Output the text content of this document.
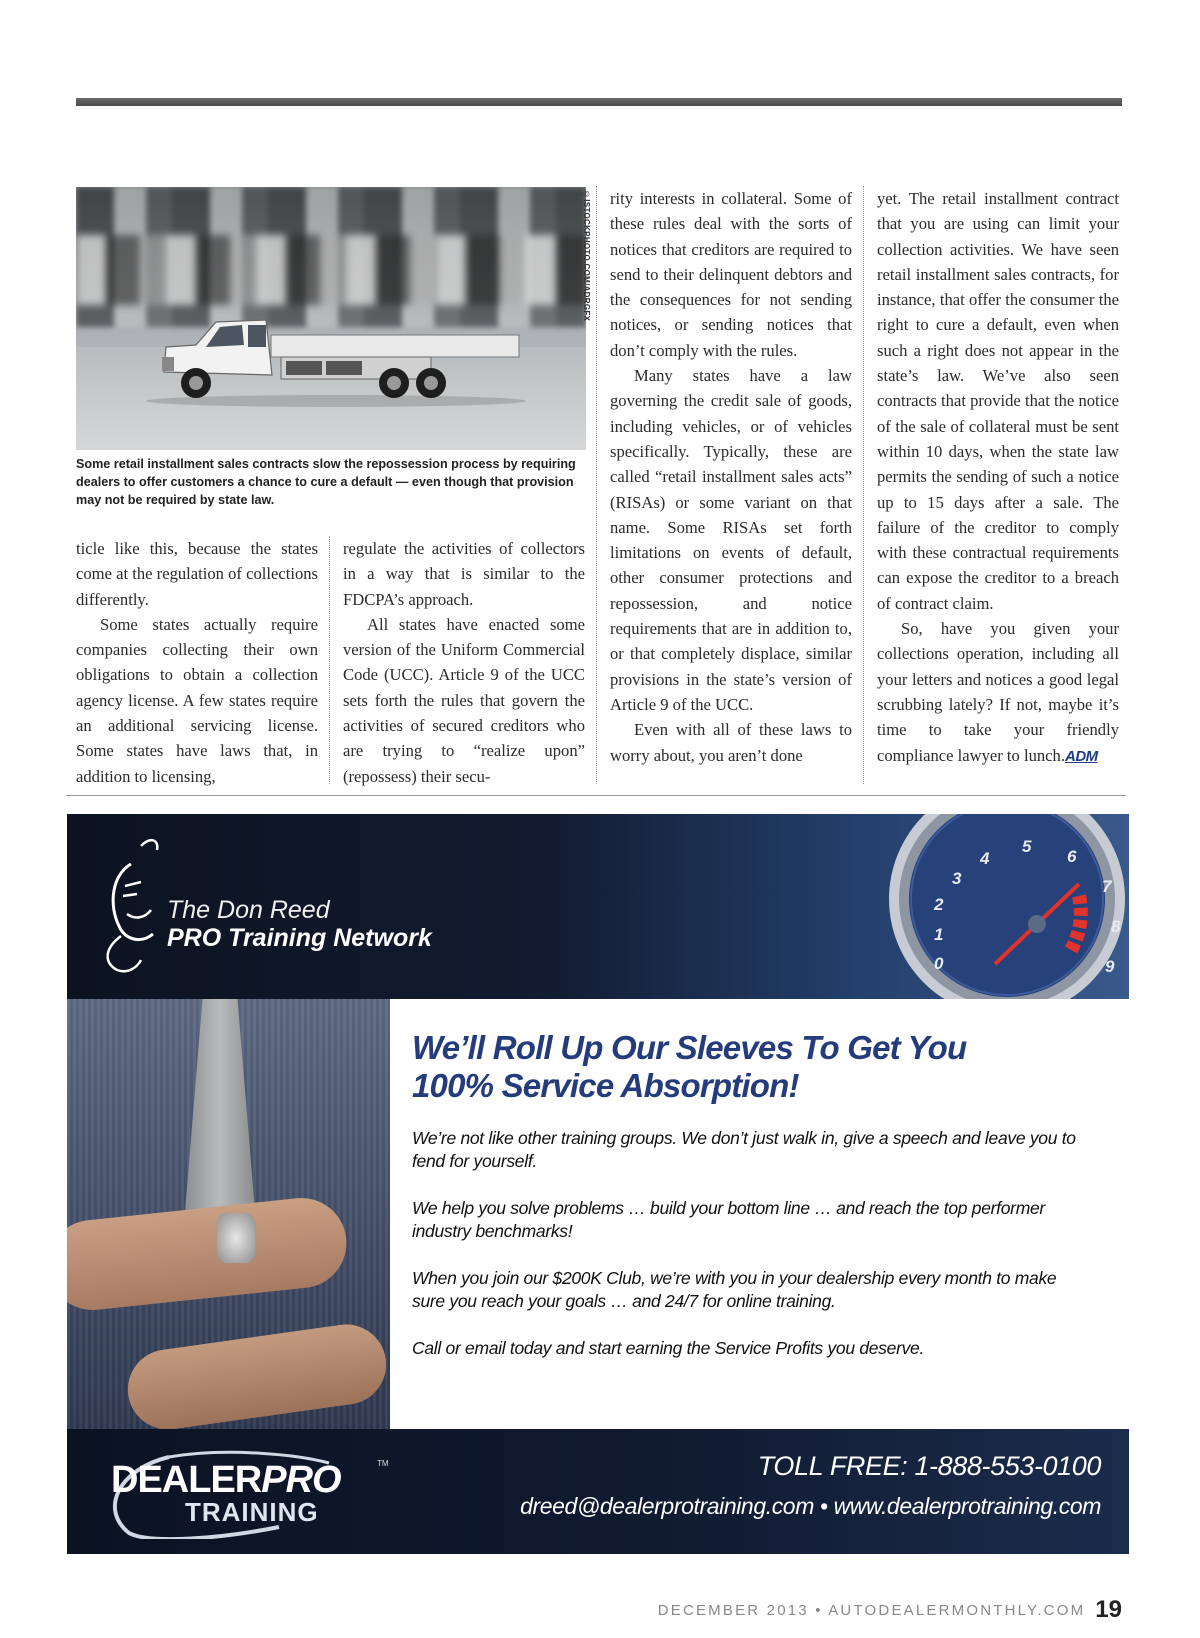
©ISTOCKPHOTO.COM/ADRGFX
Some retail installment sales contracts slow the repossession process by requiring dealers to offer customers a chance to cure a default — even though that provision may not be required by state law.

ticle like this, because the states come at the regulation of collections differently.

Some states actually require companies collecting their own obligations to obtain a collection agency license. A few states require an additional servicing license. Some states have laws that, in addition to licensing,

regulate the activities of collectors in a way that is similar to the FDCPA’s approach.

All states have enacted some version of the Uniform Commercial Code (UCC). Article 9 of the UCC sets forth the rules that govern the activities of secured creditors who are trying to “realize upon” (repossess) their secu-

rity interests in collateral. Some of these rules deal with the sorts of notices that creditors are required to send to their delinquent debtors and the consequences for not sending notices, or sending notices that don’t comply with the rules.

Many states have a law governing the credit sale of goods, including vehicles, or of vehicles specifically. Typically, these are called “retail installment sales acts” (RISAs) or some variant on that name. Some RISAs set forth limitations on events of default, other consumer protections and repossession, and notice requirements that are in addition to, or that completely displace, similar provisions in the state’s version of Article 9 of the UCC.

Even with all of these laws to worry about, you aren’t done

yet. The retail installment contract that you are using can limit your collection activities. We have seen retail installment sales contracts, for instance, that offer the consumer the right to cure a default, even when such a right does not appear in the state’s law. We’ve also seen contracts that provide that the notice of the sale of collateral must be sent within 10 days, when the state law permits the sending of such a notice up to 15 days after a sale. The failure of the creditor to comply with these contractual requirements can expose the creditor to a breach of contract claim.

So, have you given your collections operation, including all your letters and notices a good legal scrubbing lately? If not, maybe it’s time to take your friendly compliance lawyer to lunch.ADM

The Don Reed
PRO Training Network
0
1
2
3
4
5
6
7
8
9
We’ll Roll Up Our Sleeves To Get You
100% Service Absorption!

We’re not like other training groups. We don’t just walk in, give a speech and leave you to fend for yourself.

We help you solve problems … build your bottom line … and reach the top performer industry benchmarks!

When you join our $200K Club, we’re with you in your dealership every month to make sure you reach your goals … and 24/7 for online training.

Call or email today and start earning the Service Profits you deserve.

DEALERPRO	TM
TRAINING
TOLL FREE: 1-888-553-0100
dreed@dealerprotraining.com • www.dealerprotraining.com
DECEMBER 2013 • AUTODEALERMONTHLY.COM 19
